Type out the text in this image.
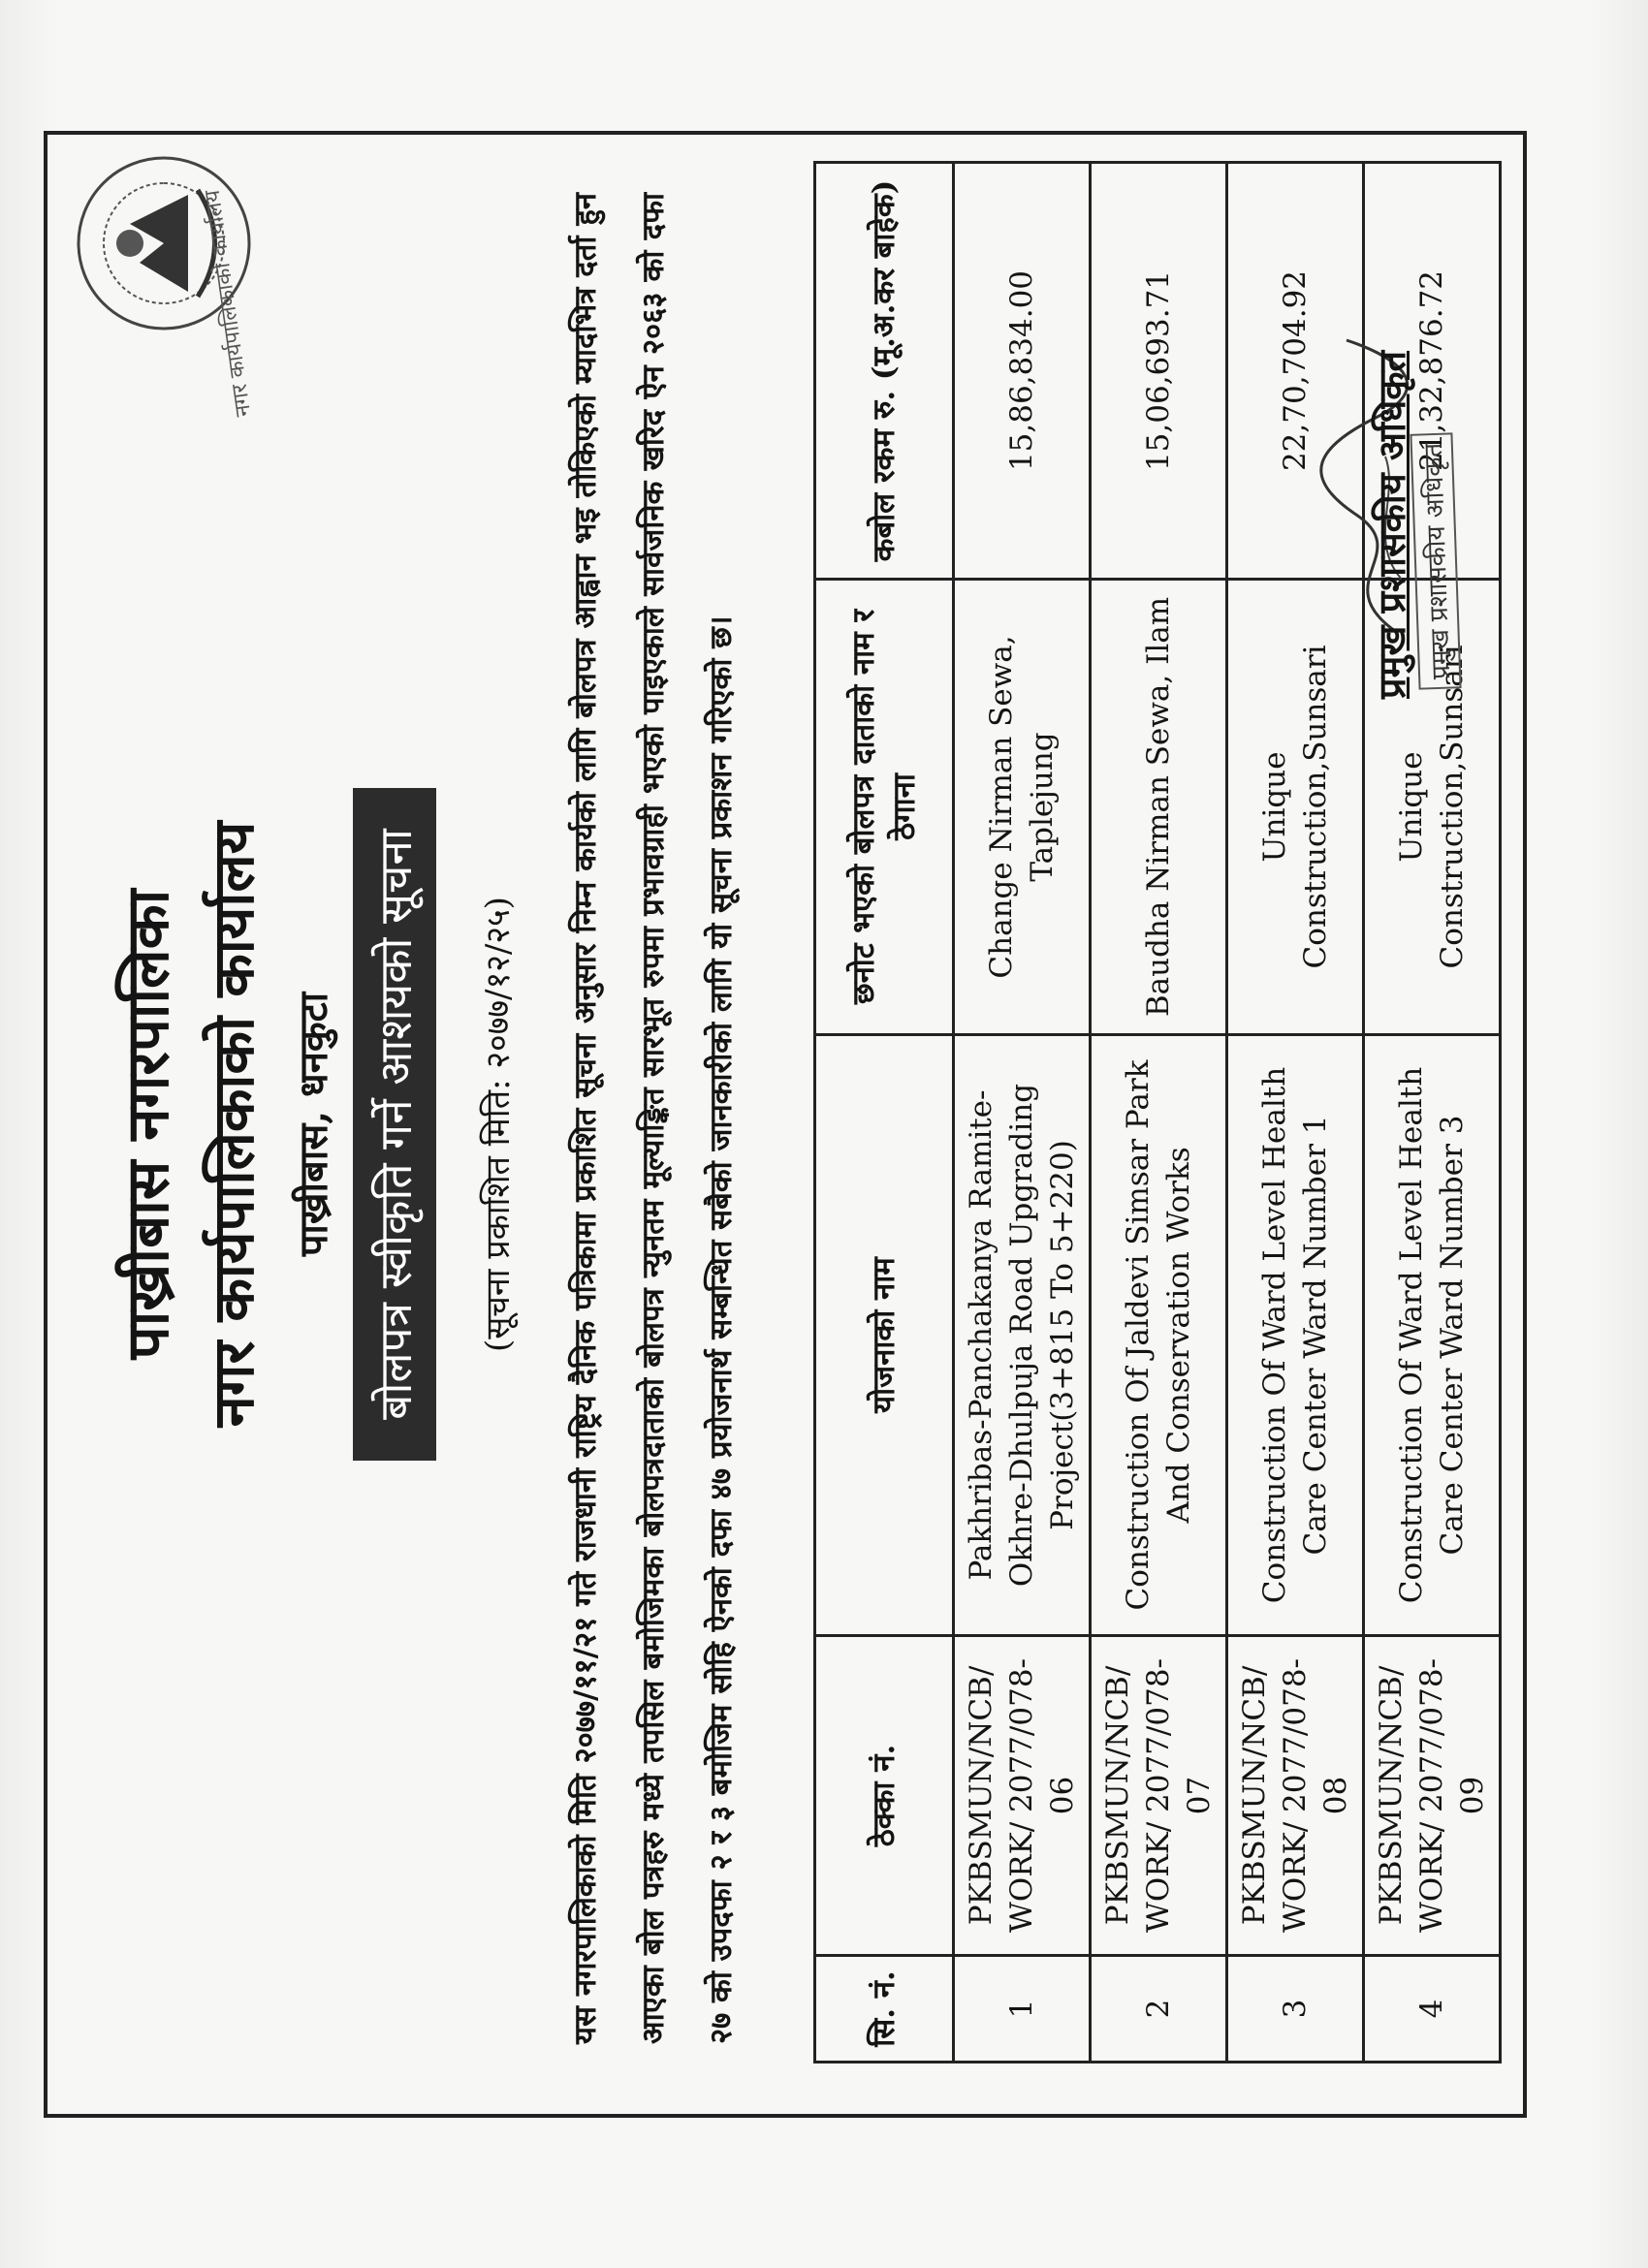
नगर कार्यपालिकाको कार्यालय
पाख्रीबास नगरपालिका नगर कार्यपालिकाको कार्यालय पाख्रीबास, धनकुटा बोलपत्र स्वीकृति गर्ने आशयको सूचना	(सूचना प्रकाशित मिति: २०७७/१२/२५)	यस नगरपालिकाको मिति २०७७/११/२१ गते राजधानी राष्ट्रिय दैनिक पत्रिकामा प्रकाशित सूचना अनुसार निम्न कार्यको लागि बोलपत्र आह्वान भइ तोकिएको म्यादभित्र दर्ता हुन आएका बोल पत्रहरु मध्ये तपसिल बमोजिमका बोलपत्रदाताको बोलपत्र न्युनतम मूल्याङ्कित सारभूत रुपमा प्रभावग्राही भएको पाइएकाले सार्वजनिक खरिद ऐन २०६३ को दफा २७ को उपदफा २ र ३ बमोजिम सोहि ऐनको दफा ४७ प्रयोजनार्थ सम्बन्धित सबैको जानकारीको लागि यो सूचना प्रकाशन गरिएको छ।	सि. नं.	ठेक्का नं.	योजनाको नाम	छनोट भएको बोलपत्र दाताको नाम र ठेगाना	कबोल रकम रु. (मू.अ.कर बाहेक)
1	PKBSMUN/NCB/ WORK/ 2077/078-06	Pakhribas-Panchakanya Ramite-Okhre-Dhulpuja Road Upgrading Project(3+815 To 5+220)	Change Nirman Sewa, Taplejung	15,86,834.00
2	PKBSMUN/NCB/ WORK/ 2077/078-07	Construction Of Jaldevi Simsar Park And Conservation Works	Baudha Nirman Sewa, Ilam	15,06,693.71
3	PKBSMUN/NCB/ WORK/ 2077/078-08	Construction Of Ward Level Health Care Center Ward Number 1	Unique Construction,Sunsari	22,70,704.92
4	PKBSMUN/NCB/ WORK/ 2077/078-09	Construction Of Ward Level Health Care Center Ward Number 3	Unique Construction,Sunsari	21,32,876.72
प्रमुख प्रशासकीय अधिकृत प्रमुख प्रशासकीय अधिकृत
